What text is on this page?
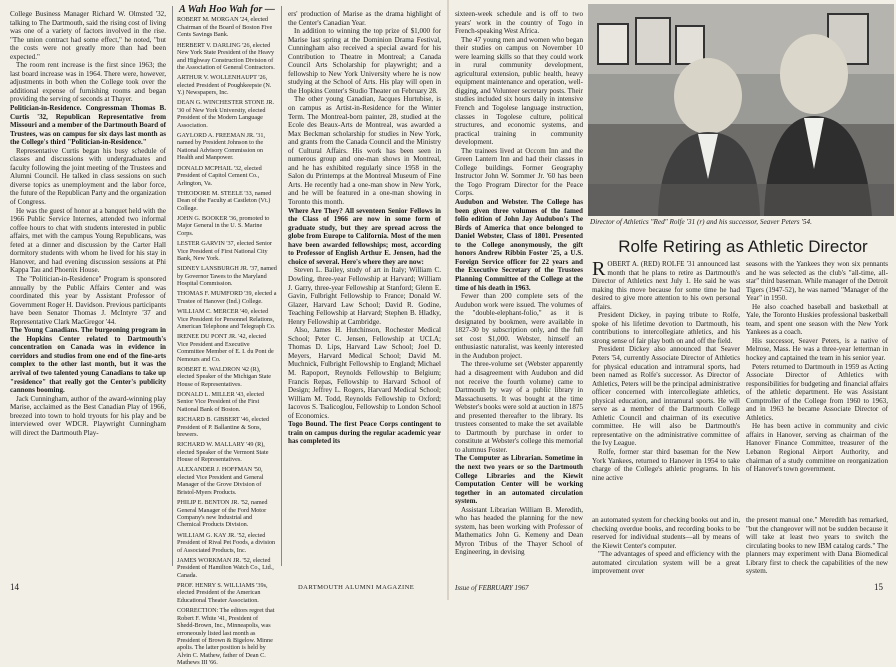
College Business Manager Richard W. Olmsted '32, talking to The Dartmouth, said the rising cost of living was one of a variety of factors involved in the rise. "The union contract had some effect," he noted, "but the costs were not greatly more than had been expected."

The room rent increase is the first since 1963; the last board increase was in 1964. There were, however, adjustments in both when the College took over the additional expense of furnishing rooms and began providing the serving of seconds at Thayer.

Politician-in-Residence. Congressman Thomas B. Curtis '32, Republican Representative from Missouri and a member of the Dartmouth Board of Trustees, was on campus for six days last month as the College's third "Politician-in-Residence."

Representative Curtis began his busy schedule of classes and discussions with undergraduates and faculty following the joint meeting of the Trustees and Alumni Council. He talked in class sessions on such diverse topics as unemployment and the labor force, the future of the Republican Party and the organization of Congress.

He was the guest of honor at a banquet held with the 1966 Public Service Internes, attended two informal coffee hours to chat with students interested in public affairs, met with the campus Young Republicans, was feted at a dinner and discussion by the Carter Hall dormitory students with whom he lived for his stay in Hanover, and had evening discussion sessions at Phi Kappa Tau and Phoenix House.

The "Politician-in-Residence" Program is sponsored annually by the Public Affairs Center and was coordinated this year by Assistant Professor of Government Roger H. Davidson. Previous participants have been Senator Thomas J. McIntyre '37 and Representative Clark MacGregor '44.

The Young Canadians. The burgeoning program in the Hopkins Center related to Dartmouth's concentration on Canada was in evidence in corridors and studios from one end of the fine-arts complex to the other last month, but it was the arrival of two talented young Canadians to take up "residence" that really got the Center's publicity cannons booming.

Jack Cunningham, author of the award-winning play Marise, acclaimed as the Best Canadian Play of 1966, breezed into town to hold tryouts for his play and be interviewed over WDCR. Playwright Cunningham will direct the Dartmouth Play-

A Wah Hoo Wah for —
ROBERT M. MORGAN '24, elected Chairman of the Board of Boston Five Cents Savings Bank.
HERBERT V. DARLING '26, elected New York State President of the Heavy and Highway Construction Division of the Association of General Contractors.
ARTHUR V. WOLLENHAUPT '26, elected President of Poughkeepsie (N. Y.) Newspapers, Inc.
DEAN G. WINCHESTER STONE JR. '30 of New York University, elected President of the Modern Language Association.
GAYLORD A. FREEMAN JR. '31, named by President Johnson to the National Advisory Commission on Health and Manpower.
DONALD MCPHAIL '32, elected President of Capitol Cement Co., Arlington, Va.
THEODORE M. STEELE '33, named Dean of the Faculty at Castleton (Vt.) College.
JOHN G. BOOKER '36, promoted to Major General in the U. S. Marine Corps.
LESTER GARVIN '37, elected Senior Vice President of First National City Bank, New York.
SIDNEY LANSBURGH JR. '37, named by Governor Tawes to the Maryland Hospital Commission.
THOMAS F. MUMFORD '39, elected a Trustee of Hanover (Ind.) College.
WILLIAM C. MERCER '40, elected Vice President for Personnel Relations, American Telephone and Telegraph Co.
IRENEE DU PONT JR. '42, elected Vice President and Executive Committee Member of E. I. du Pont de Nemours and Co.
ROBERT E. WALDRON '42 (R), elected Speaker of the Michigan State House of Representatives.
DONALD L. MILLER '43, elected Senior Vice President of the First National Bank of Boston.
RICHARD B. GIBBERT '46, elected President of P. Ballantine & Sons, brewers.
RICHARD W. MALLARY '49 (R), elected Speaker of the Vermont State House of Representatives.
ALEXANDER J. HOFFMAN '50, elected Vice President and General Manager of the Grove Division of Bristol-Myers Products.
PHILIP E. BENTON JR. '52, named General Manager of the Ford Motor Company's new Industrial and Chemical Products Division.
WILLIAM G. KAY JR. '52, elected President of Rival Pet Foods, a division of Associated Products, Inc.
JAMES WORKMAN JR. '52, elected President of Hamilton Watch Co., Ltd., Canada.
PROF. HENRY S. WILLIAMS '39s, elected President of the American Educational Theater Association.
CORRECTION: The editors regret that Robert F. White '41, President of Shedd-Brown, Inc., Minneapolis, was erroneously listed last month as President of Brown & Bigelow. Minne apolis. The latter position is held by Alvin C. Mathew, father of Dean C. Mathews III '66.

ers' production of Marise as the drama highlight of the Center's Canadian Year.

In addition to winning the top prize of $1,000 for Marise last spring at the Dominion Drama Festival, Cunningham also received a special award for his Contribution to Theatre in Montreal; a Canada Council Arts Scholarship for playwright; and a fellowship to New York University where he is now studying at the School of Arts. His play will open in the Hopkins Center's Studio Theater on February 28.

The other young Canadian, Jacques Hurtubise, is on campus as Artist-in-Residence for the Winter Term. The Montreal-born painter, 28, studied at the Ecole des Beaux-Arts de Montreal, was awarded a Max Beckman scholarship for studies in New York, and grants from the Canada Council and the Ministry of Cultural Affairs. His work has been seen in numerous group and one-man shows in Montreal, and he has exhibited regularly since 1958 in the Salon du Printemps at the Montreal Museum of Fine Arts. He recently had a one-man show in New York, and he will be featured in a one-man showing in Toronto this month.

Where Are They? All seventeen Senior Fellows in the Class of 1966 are now in some form of graduate study, but they are spread across the globe from Europe to California. Most of the men have been awarded fellowships; most, according to Professor of English Arthur E. Jensen, had the choice of several. Here's where they are now:

Steven L. Bailey, study of art in Italy; William C. Dowling, three-year Fellowship at Harvard; William J. Garry, three-year Fellowship at Stanford; Glenn E. Gavin, Fulbright Fellowship to France; Donald W. Glazer, Harvard Law School; David R. Godine, Teaching Fellowship at Harvard; Stephen B. Hladky, Henry Fellowship at Cambridge.

Also, James H. Hutchinson, Rochester Medical School; Peter C. Jensen, Fellowship at UCLA; Thomas D. Lips, Harvard Law School; Joel D. Meyers, Harvard Medical School; David M. Muchnick, Fulbright Fellowship to England; Michael M. Rapoport, Reynolds Fellowship to Belgium; Francis Repas, Fellowship to Harvard School of Design; Jeffrey L. Rogers, Harvard Medical School; William M. Todd, Reynolds Fellowship to Oxford; Iacovos S. Tsalicoglou, Fellowship to London School of Economics.

Togo Bound. The first Peace Corps contingent to train on campus during the regular academic year has completed its

14	DARTMOUTH ALUMNI MAGAZINE

sixteen-week schedule and is off to two years' work in the country of Togo in French-speaking West Africa.

The 47 young men and women who began their studies on campus on November 10 were learning skills so that they could work in rural community development, agricultural extension, public health, heavy equipment maintenance and operation, well-digging, and Volunteer secretary posts. Their studies included six hours daily in intensive French and Togolese language instruction, classes in Togolese culture, political structures, and economic systems, and practical training in community development.

The trainees lived at Occom Inn and the Green Lantern Inn and had their classes in College buildings. Former Geography Instructor John W. Sommer Jr. '60 has been the Togo Program Director for the Peace Corps.

Audubon and Webster. The College has been given three volumes of the famed folio edition of John Jay Audubon's The Birds of America that once belonged to Daniel Webster, Class of 1801. Presented to the College anonymously, the gift honors Andrew Ribbin Foster '25, a U.S. Foreign Service officer for 22 years and the Executive Secretary of the Trustees Planning Committee of the College at the time of his death in 1963.

Fewer than 200 complete sets of the Audubon work were issued. The volumes of the "double-elephant-folio," as it is designated by bookmen, were available in 1827-30 by subscription only, and the full set cost $1,000. Webster, himself an enthusiastic naturalist, was keenly interested in the Audubon project.

The three-volume set (Webster apparently had a disagreement with Audubon and did not receive the fourth volume) came to Dartmouth by way of a public library in Massachusetts. It was bought at the time Webster's books were sold at auction in 1875 and presented thereafter to the library. Its trustees consented to make the set available to Dartmouth by purchase in order to constitute at Webster's college this memorial to alumnus Foster.

The Computer as Librarian. Sometime in the next two years or so the Dartmouth College Libraries and the Kiewit Computation Center will be working together in an automated circulation system.

Assistant Librarian William B. Meredith, who has headed the planning for the new system, has been working with Professor of Mathematics John G. Kemeny and Dean Myron Tribus of the Thayer School of Engineering, in devising

Director of Athletics "Red" Rolfe '31 (r) and his successor, Seaver Peters '54.
Rolfe Retiring as Athletic Director

ROBERT A. (RED) ROLFE '31 announced last month that he plans to retire as Dartmouth's Director of Athletics next July 1. He said he was making this move because for some time he had desired to give more attention to his own personal affairs.

President Dickey, in paying tribute to Rolfe, spoke of his lifetime devotion to Dartmouth, his contributions to intercollegiate athletics, and his strong sense of fair play both on and off the field.

President Dickey also announced that Seaver Peters '54, currently Associate Director of Athletics for physical education and intramural sports, had been named as Rolfe's successor. As Director of Athletics, Peters will be the principal administrative officer concerned with intercollegiate athletics, physical education, and intramural sports. He will serve as a member of the Dartmouth College Athletic Council and chairman of its executive committee. He will also be Dartmouth's representative on the administrative committee of the Ivy League.

Rolfe, former star third baseman for the New York Yankees, returned to Hanover in 1954 to take charge of the College's athletic programs. In his nine active

seasons with the Yankees they won six pennants and he was selected as the club's "all-time, all-star" third baseman. While manager of the Detroit Tigers (1947-52), he was named "Manager of the Year" in 1950.

He also coached baseball and basketball at Yale, the Toronto Huskies professional basketball team, and spent one season with the New York Yankees as a coach.

His successor, Seaver Peters, is a native of Melrose, Mass. He was a three-year letterman in hockey and captained the team in his senior year.

Peters returned to Dartmouth in 1959 as Acting Associate Director of Athletics with responsibilities for budgeting and financial affairs of the athletic department. He was Assistant Comptroller of the College from 1960 to 1963, and in 1963 he became Associate Director of Athletics.

He has been active in community and civic affairs in Hanover, serving as chairman of the Hanover Finance Committee, treasurer of the Lebanon Regional Airport Authority, and chairman of a study committee on reorganization of Hanover's town government.

an automated system for checking books out and in, checking overdue books, and recording books to be reserved for individual students—all by means of the Kiewit Center's computer.

"The advantages of speed and efficiency with the automated circulation system will be a great improvement over

the present manual one." Meredith has remarked, "but the changeover will not be sudden because it will take at least two years to switch the circulating books to new IBM catalog cards." The planners may experiment with Dana Biomedical Library first to check the capabilities of the new system.

Issue of FEBRUARY 1967	15
